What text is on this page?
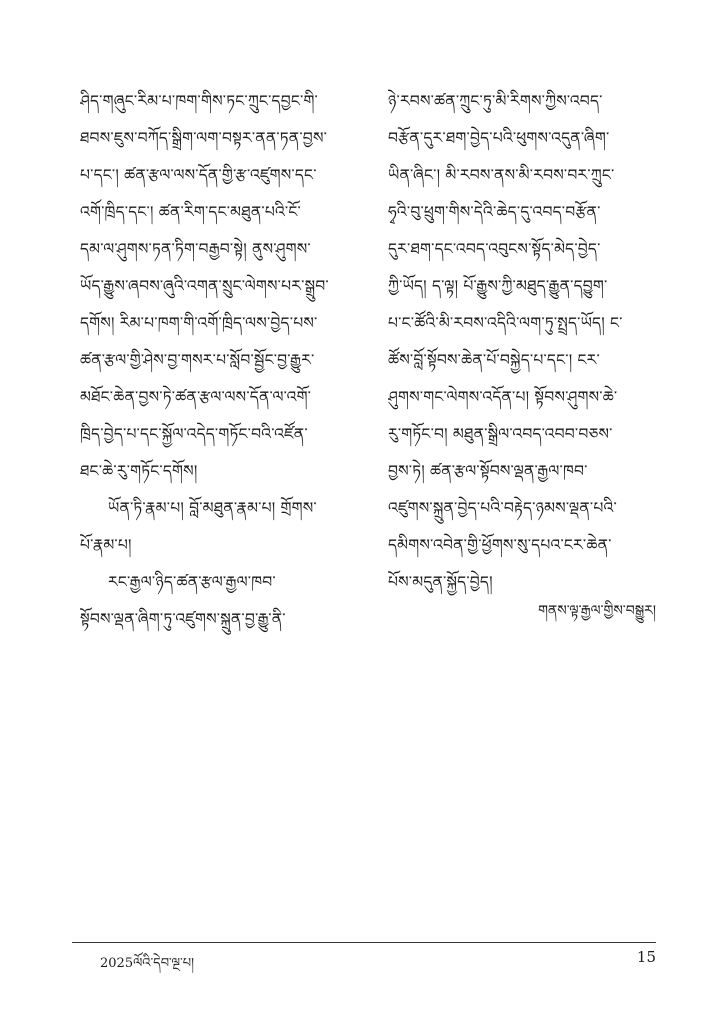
ཤིད་གཞུང་རིམ་པ་ཁག་གིས་ཏང་ཀྲུང་དབྱང་གི་
ཐབས་ཇུས་བཀོད་སྒྲིག་ལག་བསྟར་ནན་ཏན་བྱས་
པ་དང་། ཚན་རྩལ་ལས་དོན་གྱི་རྩ་འཛུགས་དང་
འགོ་ཁྲིད་དང་། ཚན་རིག་དང་མཐུན་པའི་ངོ་
དམ་ལ་ཤུགས་ཏན་ཏིག་བརྒྱབ་སྟེ། ནུས་ཤུགས་
ཡོད་རྒྱུས་ཞབས་ཞུའི་འགན་སྲུང་ལེགས་པར་སྒྲུབ་
དགོས། རིམ་པ་ཁག་གི་འགོ་ཁྲིད་ལས་བྱེད་པས་
ཚན་རྩལ་གྱི་ཤེས་བྱ་གསར་པ་སློབ་སྦྱོང་བྱ་རྒྱུར་
མཐོང་ཆེན་བྱས་ཏེ་ཚན་རྩལ་ལས་དོན་ལ་འགོ་
ཁྲིད་བྱེད་པ་དང་སྐྱོལ་འདེད་གཏོང་བའི་འཛོན་
ཐང་ཆེ་རུ་གཏོང་དགོས།
ཡོན་ཏི་རྣམ་པ། བློ་མཐུན་རྣམ་པ། གྲོགས་
པོ་རྣམ་པ།
རང་རྒྱལ་ཉིད་ཚན་རྩལ་རྒྱལ་ཁབ་
སྟོབས་ལྡན་ཞིག་ཏུ་འཛུགས་སྐྲུན་བྱ་རྒྱུ་ནི་
ཉེ་རབས་ཚན་ཀྲུང་ཏུ་མི་རིགས་ཀྱིས་འབད་
བརྩོན་དུར་ཐག་བྱེད་པའི་ཕུགས་འདུན་ཞིག་
ཡིན་ཞིང་། མི་རབས་ནས་མི་རབས་བར་ཀྲུང་
ཧྭའི་བུ་ཕྲུག་གིས་དེའི་ཆེད་དུ་འབད་བརྩོན་
དུར་ཐག་དང་འབད་འབུངས་སྟོད་མེད་བྱེད་
ཀྱི་ཡོད། ད་ལྟ། པོ་རྒྱུས་ཀྱི་མཐུད་རྒྱུན་དབྱུག་
པ་ང་ཚོའི་མི་རབས་འདིའི་ལག་ཏུ་སྤྲད་ཡོད། ང་
ཚོས་བློ་སྟོབས་ཆེན་པོ་བསྐྱེད་པ་དང་། ངར་
ཤུགས་གང་ལེགས་འདོན་པ། སྟོབས་ཤུགས་ཆེ་
རུ་གཏོང་བ། མཐུན་སྒྲིལ་འབད་འབབ་བཅས་
བྱས་ཏེ། ཚན་རྩལ་སྟོབས་ལྡན་རྒྱལ་ཁབ་
འཛུགས་སྐྲུན་བྱེད་པའི་བརྟེད་ཉམས་ལྡན་པའི་
དམིགས་འབེན་གྱི་ཕྱོགས་སུ་དཔའ་ངར་ཆེན་
པོས་མདུན་སྐྱོད་བྱེད།
གནས་ལྟ་རྒྱལ་གྱིས་བསྒྱུར།
2025ལོའི་དེབ་ལྔ་པ།	15
